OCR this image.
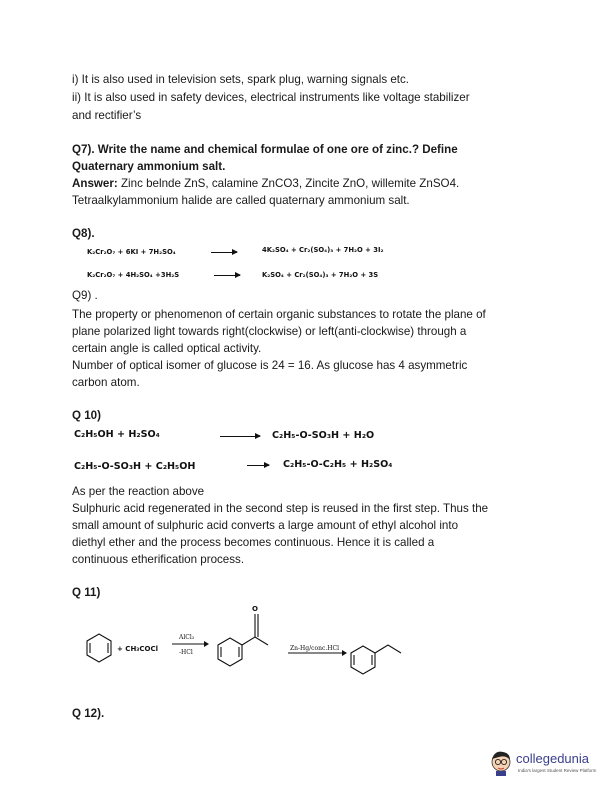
i) It is also used in television sets, spark plug, warning signals etc.
ii) It is also used in safety devices, electrical instruments like voltage stabilizer
and rectifier’s
Q7). Write the name and chemical formulae of one ore of zinc.? Define
Quaternary ammonium salt.
Answer: Zinc belnde ZnS, calamine ZnCO3, Zincite ZnO, willemite ZnSO4.
Tetraalkylammonium halide are called quaternary ammonium salt.
Q8).
K₂Cr₂O₇ + 6KI + 7H₂SO₄	4K₂SO₄ + Cr₂(SO₄)₃ + 7H₂O + 3I₂
K₂Cr₂O₇ + 4H₂SO₄ +3H₂S	K₂SO₄ + Cr₂(SO₄)₃ + 7H₂O + 3S
Q9) .
The property or phenomenon of certain organic substances to rotate the plane of
plane polarized light towards right(clockwise) or left(anti-clockwise) through a
certain angle is called optical activity.
Number of optical isomer of glucose is 24 = 16. As glucose has 4 asymmetric
carbon atom.
Q 10)
C₂H₅OH + H₂SO₄	C₂H₅-O-SO₃H + H₂O
C₂H₅-O-SO₃H + C₂H₅OH	C₂H₅-O-C₂H₅ + H₂SO₄
As per the reaction above
Sulphuric acid regenerated in the second step is reused in the first step. Thus the
small amount of sulphuric acid converts a large amount of ethyl alcohol into
diethyl ether and the process becomes continuous. Hence it is called a
continuous etherification process.
Q 11)
+ CH₃COCl
AlCl₃
-HCl
O
Zn-Hg/conc.HCl
Q 12).
collegedunia
India's largest Student Review Platform
